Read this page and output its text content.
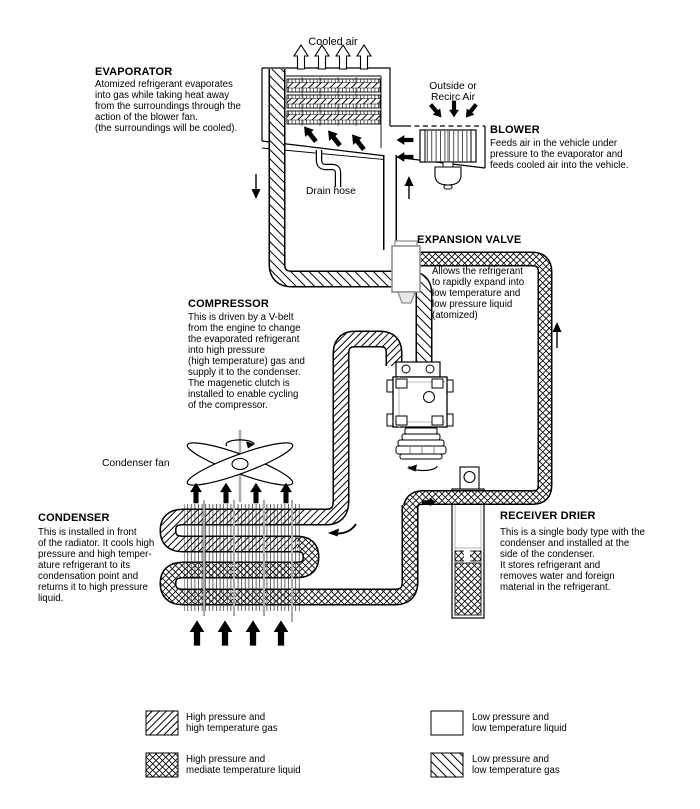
EVAPORATOR
Atomized refrigerant evaporates
into gas while taking heat away
from the surroundings through the
action of the blower fan.
(the surroundings will be cooled).
Cooled air
Outside or
Recirc Air
BLOWER
Feeds air in the vehicle under
pressure to the evaporator and
feeds cooled air into the vehicle.
Drain hose
EXPANSION VALVE
Allows the refrigerant
to rapidly expand into
low temperature and
low pressure liquid
(atomized)
COMPRESSOR
This is driven by a V-belt
from the engine to change
the evaporated refrigerant
into high pressure
(high temperature) gas and
supply it to the condenser.
The magenetic clutch is
installed to enable cycling
of the compressor.
Condenser fan
CONDENSER
This is installed in front
of the radiator. It cools high
pressure and high temper-
ature refrigerant to its
condensation point and
returns it to high pressure
liquid.
RECEIVER DRIER
This is a single body type with the
condenser and installed at the
side of the condenser.
It stores refrigerant and
removes water and foreign
material in the refrigerant.
High pressure and
high temperature gas
High pressure and
mediate temperature liquid
Low pressure and
low temperature liquid
Low pressure and
low temperature gas
